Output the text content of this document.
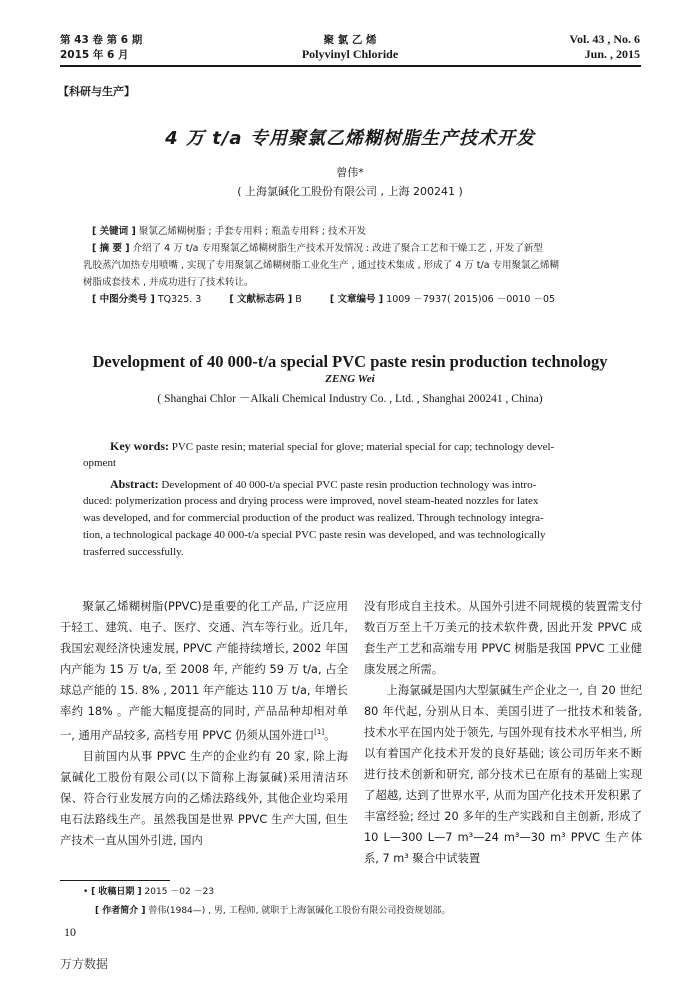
第 43 卷 第 6 期
2015 年 6 月
聚 氯 乙 烯
Polyvinyl Chloride
Vol. 43 , No. 6
Jun. , 2015
【科研与生产】
4 万 t/a 专用聚氯乙烯糊树脂生产技术开发
曾伟*
( 上海氯碱化工股份有限公司 , 上海 200241 )
[ 关键词 ] 聚氯乙烯糊树脂 ; 手套专用料 ; 瓶盖专用料 ; 技术开发
[ 摘 要 ] 介绍了 4 万 t/a 专用聚氯乙烯糊树脂生产技术开发情况 : 改进了聚合工艺和干燥工艺 , 开发了新型
乳胶蒸汽加热专用喷嘴 , 实现了专用聚氯乙烯糊树脂工业化生产 , 通过技术集成 , 形成了 4 万 t/a 专用聚氯乙烯糊
树脂成套技术 , 并成功进行了技术转让。
[ 中图分类号 ] TQ325. 3	[ 文献标志码 ] B	[ 文章编号 ] 1009 －7937( 2015)06 －0010 －05
Development of 40 000-t/a special PVC paste resin production technology
ZENG Wei
( Shanghai Chlor －Alkali Chemical Industry Co. , Ltd. , Shanghai 200241 , China)
Key words: PVC paste resin; material special for glove; material special for cap; technology devel-
opment
Abstract: Development of 40 000-t/a special PVC paste resin production technology was intro-
duced: polymerization process and drying process were improved, novel steam-heated nozzles for latex
was developed, and for commercial production of the product was realized. Through technology integra-
tion, a technological package 40 000-t/a special PVC paste resin was developed, and was technologically
trasferred successfully.

聚氯乙烯糊树脂(PPVC)是重要的化工产品, 广泛应用于轻工、建筑、电子、医疗、交通、汽车等行业。近几年, 我国宏观经济快速发展, PPVC 产能持续增长, 2002 年国内产能为 15 万 t/a, 至 2008 年, 产能约 59 万 t/a, 占全球总产能的 15. 8% , 2011 年产能达 110 万 t/a, 年增长率约 18% 。产能大幅度提高的同时, 产品品种却相对单一, 通用产品较多, 高档专用 PPVC 仍须从国外进口[1]。

目前国内从事 PPVC 生产的企业约有 20 家, 除上海氯碱化工股份有限公司(以下简称上海氯碱)采用清洁环保、符合行业发展方向的乙烯法路线外, 其他企业均采用电石法路线生产。虽然我国是世界 PPVC 生产大国, 但生产技术一直从国外引进, 国内

没有形成自主技术。从国外引进不同规模的装置需支付数百万至上千万美元的技术软件费, 因此开发 PPVC 成套生产工艺和高端专用 PPVC 树脂是我国 PPVC 工业健康发展之所需。

上海氯碱是国内大型氯碱生产企业之一, 自 20 世纪 80 年代起, 分别从日本、美国引进了一批技术和装备, 技术水平在国内处于领先, 与国外现有技术水平相当, 所以有着国产化技术开发的良好基础; 该公司历年来不断进行技术创新和研究, 部分技术已在原有的基础上实现了超越, 达到了世界水平, 从而为国产化技术开发积累了丰富经验; 经过 20 多年的生产实践和自主创新, 形成了 10 L—300 L—7 m³—24 m³—30 m³ PPVC 生产体系, 7 m³ 聚合中试装置

• [ 收稿日期 ] 2015 －02 －23
[ 作者简介 ] 曾伟(1984—) , 男, 工程师, 就职于上海氯碱化工股份有限公司投资规划部。
10
万方数据
